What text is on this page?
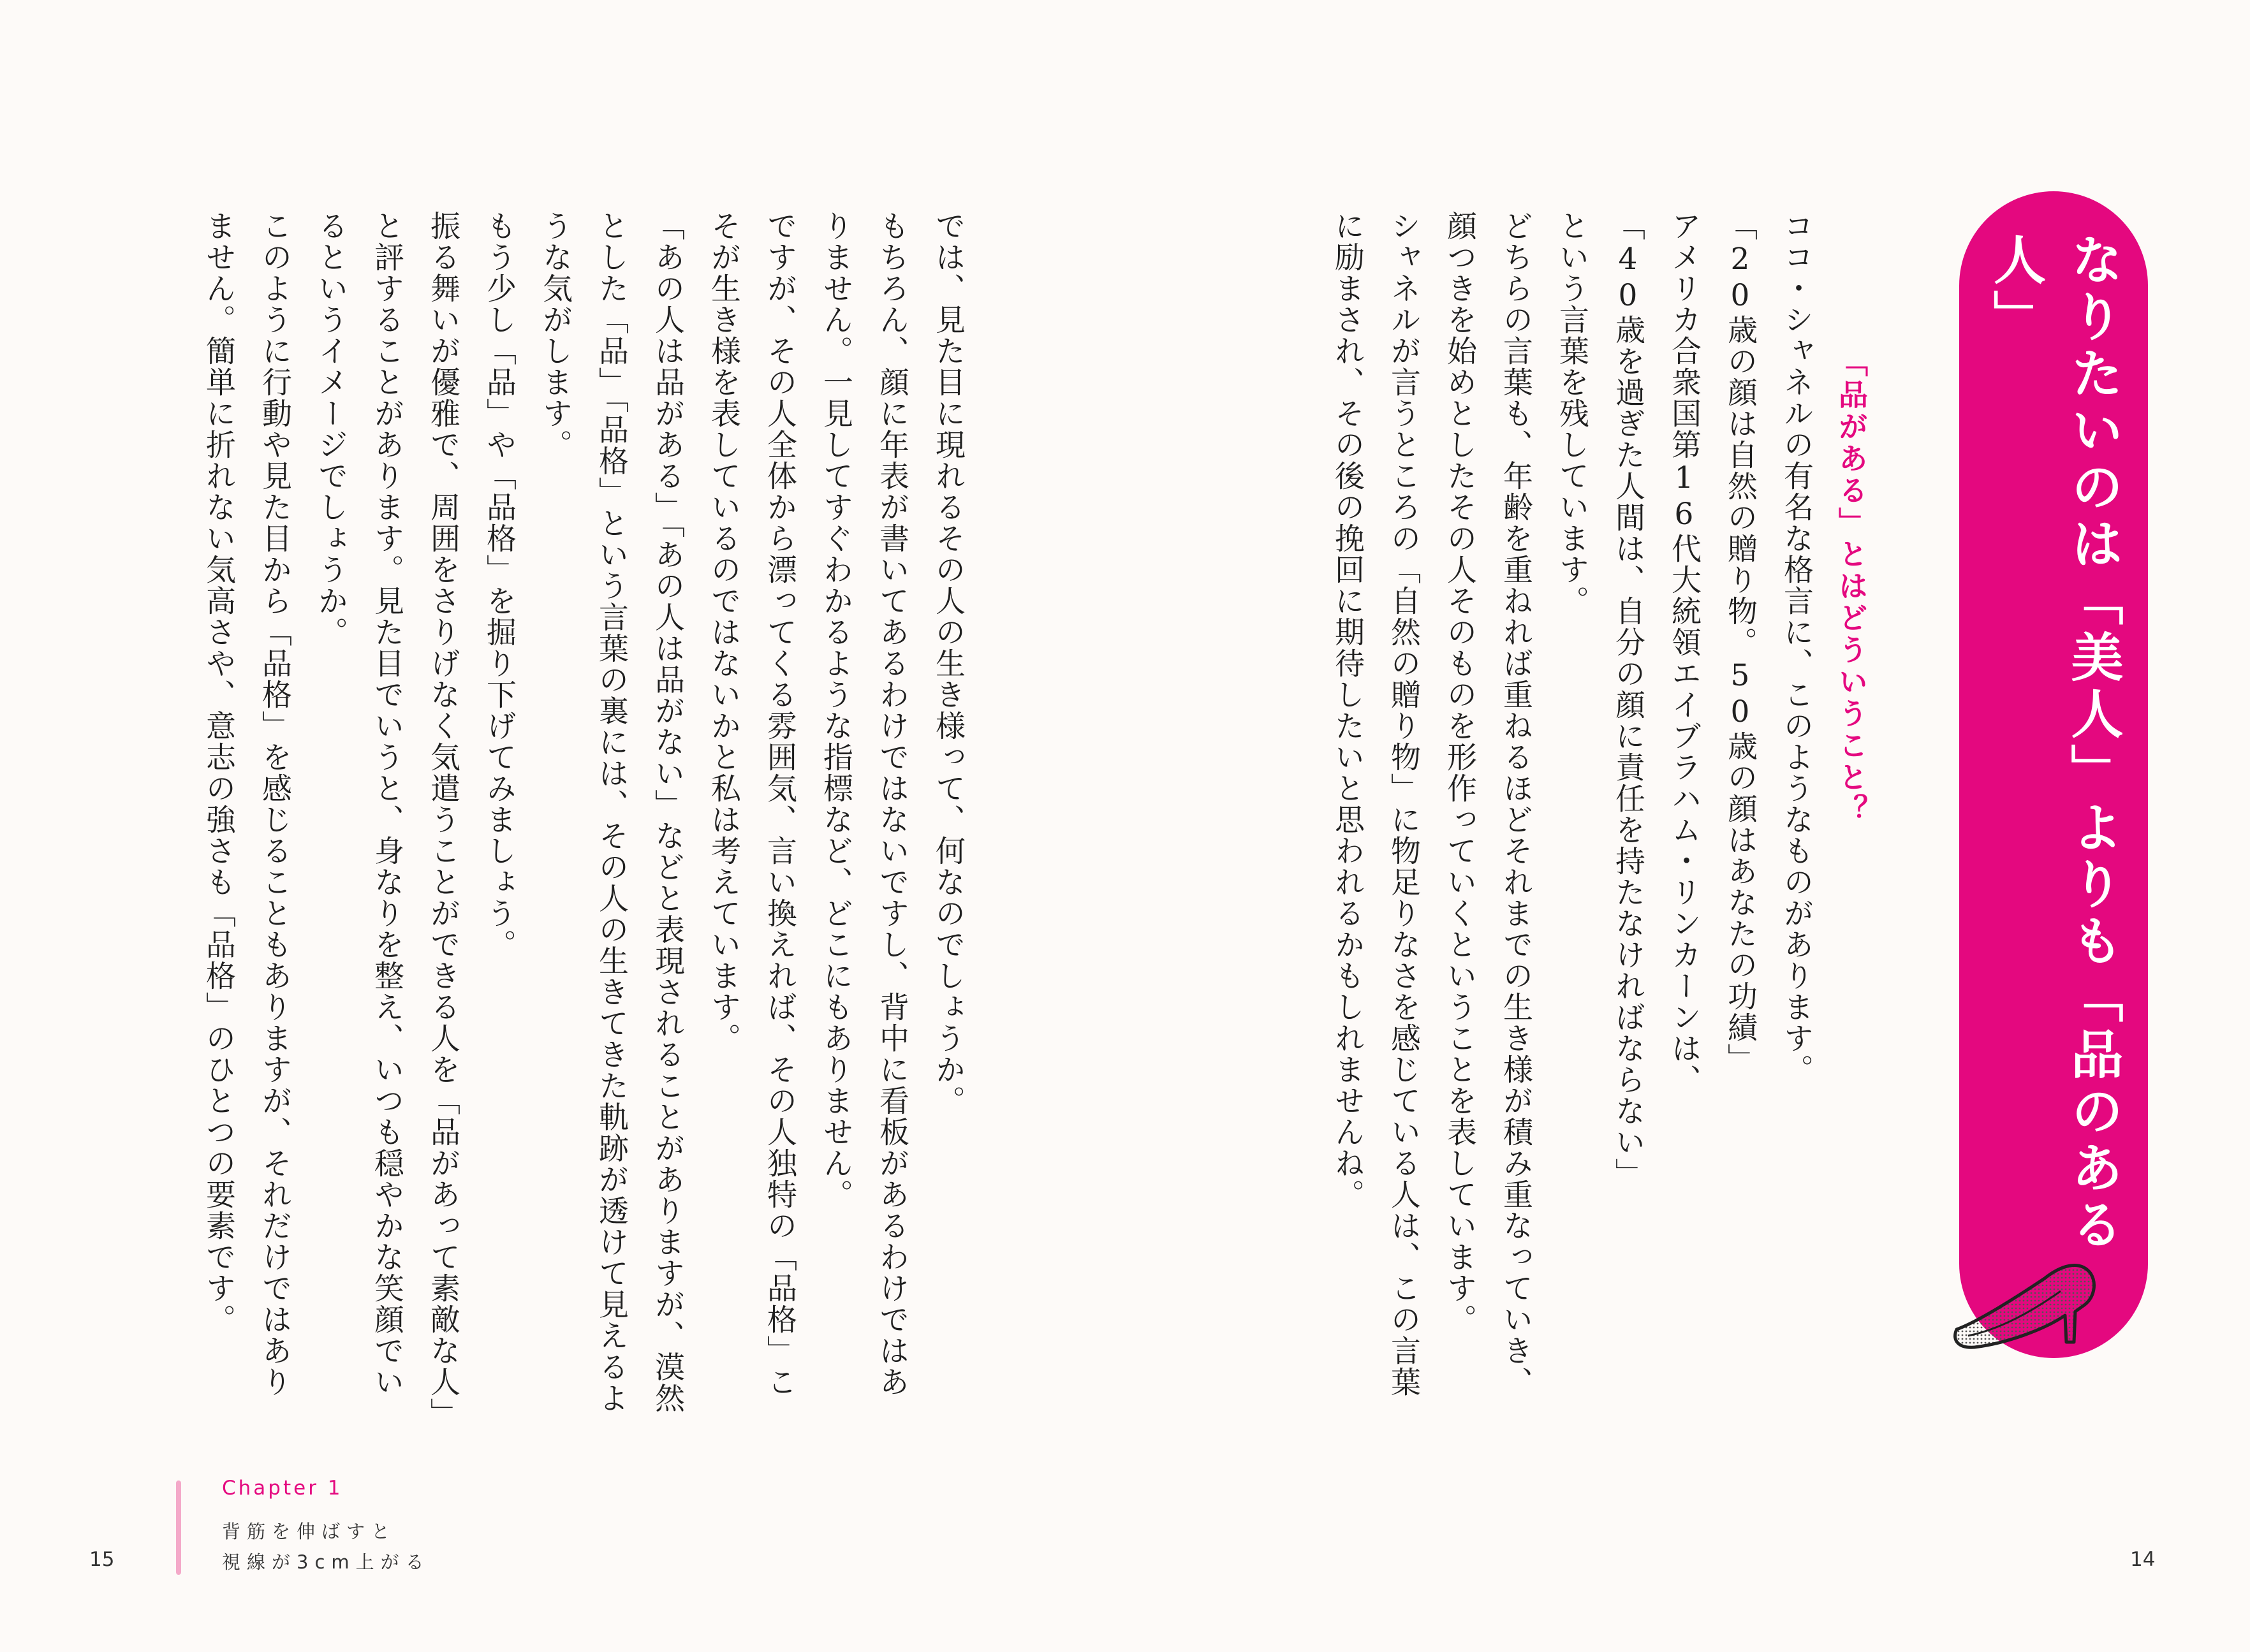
なりたいのは「美人」よりも「品のある人」
「品がある」とはどういうこと？

ココ・シャネルの有名な格言に、このようなものがあります。

「20歳の顔は自然の贈り物。50歳の顔はあなたの功績」

アメリカ合衆国第16代大統領エイブラハム・リンカーンは、

「40歳を過ぎた人間は、自分の顔に責任を持たなければならない」

という言葉を残しています。

どちらの言葉も、年齢を重ねれば重ねるほどそれまでの生き様が積み重なっていき、顔つきを始めとしたその人そのものを形作っていくということを表しています。

シャネルが言うところの「自然の贈り物」に物足りなさを感じている人は、この言葉に励まされ、その後の挽回に期待したいと思われるかもしれませんね。

14

では、見た目に現れるその人の生き様って、何なのでしょうか。

もちろん、顔に年表が書いてあるわけではないですし、背中に看板があるわけではありません。一見してすぐわかるような指標など、どこにもありません。

ですが、その人全体から漂ってくる雰囲気、言い換えれば、その人独特の「品格」こそが生き様を表しているのではないかと私は考えています。

「あの人は品がある」「あの人は品がない」などと表現されることがありますが、漠然とした「品」「品格」という言葉の裏には、その人の生きてきた軌跡が透けて見えるような気がします。

もう少し「品」や「品格」を掘り下げてみましょう。

振る舞いが優雅で、周囲をさりげなく気遣うことができる人を「品があって素敵な人」と評することがあります。見た目でいうと、身なりを整え、いつも穏やかな笑顔でいるというイメージでしょうか。

このように行動や見た目から「品格」を感じることもありますが、それだけではありません。簡単に折れない気高さや、意志の強さも「品格」のひとつの要素です。

Chapter 1
背筋を伸ばすと
視線が3cm上がる
15
